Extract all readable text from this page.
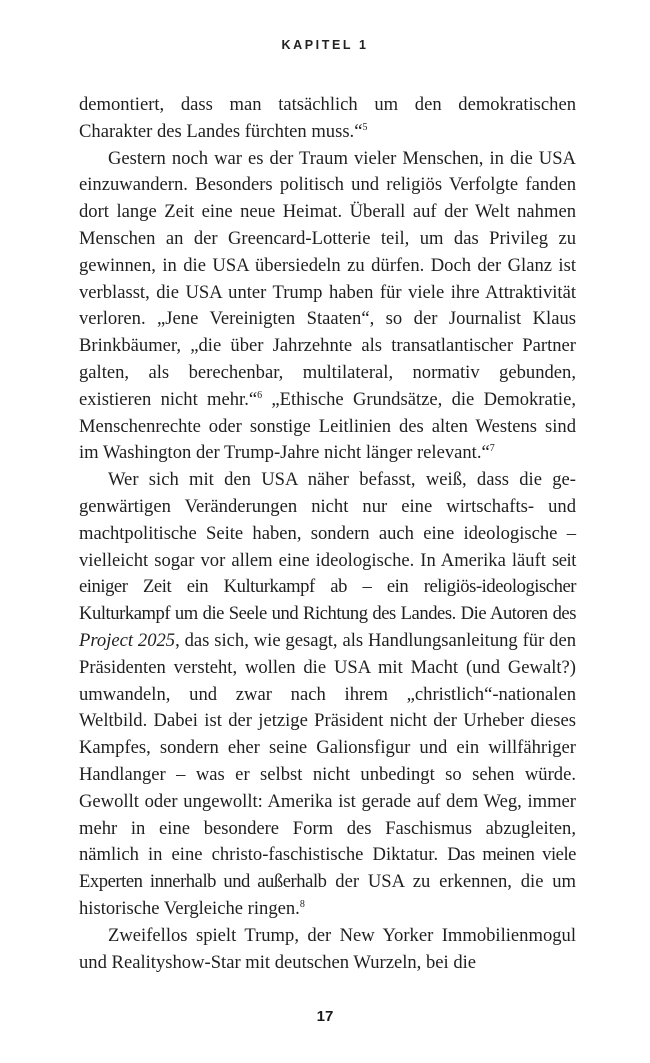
KAPITEL 1

demontiert, dass man tatsächlich um den demokratischen Charakter des Landes fürchten muss.“$^5$

Gestern noch war es der Traum vieler Menschen, in die USA einzuwandern. Besonders politisch und religiös Verfolgte fanden dort lange Zeit eine neue Heimat. Überall auf der Welt nahmen Menschen an der Greencard-Lotterie teil, um das Privileg zu gewinnen, in die USA übersiedeln zu dürfen. Doch der Glanz ist verblasst, die USA unter Trump haben für viele ihre Attraktivität verloren. „Jene Vereinigten Staaten“, so der Journalist Klaus Brinkbäumer, „die über Jahrzehnte als transatlantischer Partner galten, als berechenbar, multilateral, normativ gebunden, existieren nicht mehr.“$^6$ „Ethische Grundsätze, die Demokratie, Menschenrechte oder sonstige Leitlinien des alten Westens sind im Washington der Trump-Jahre nicht länger relevant.“$^7$

Wer sich mit den USA näher befasst, weiß, dass die gegenwärtigen Veränderungen nicht nur eine wirtschafts- und machtpolitische Seite haben, sondern auch eine ideologische – vielleicht sogar vor allem eine ideologische. In Amerika läuft seit einiger Zeit ein Kulturkampf ab – ein religiös-ideologischer Kulturkampf um die Seele und Richtung des Landes. Die Autoren des Project 2025, das sich, wie gesagt, als Handlungsanleitung für den Präsidenten versteht, wollen die USA mit Macht (und Gewalt?) umwandeln, und zwar nach ihrem „christlich“-nationalen Weltbild. Dabei ist der jetzige Präsident nicht der Urheber dieses Kampfes, sondern eher seine Galionsfigur und ein willfähriger Handlanger – was er selbst nicht unbedingt so sehen würde. Gewollt oder ungewollt: Amerika ist gerade auf dem Weg, immer mehr in eine besondere Form des Faschismus abzugleiten, nämlich in eine christo-faschistische Diktatur. Das meinen viele Experten innerhalb und außerhalb der USA zu erkennen, die um historische Vergleiche ringen.$^8$

Zweifellos spielt Trump, der New Yorker Immobilienmogul und Realityshow-Star mit deutschen Wurzeln, bei die

17
